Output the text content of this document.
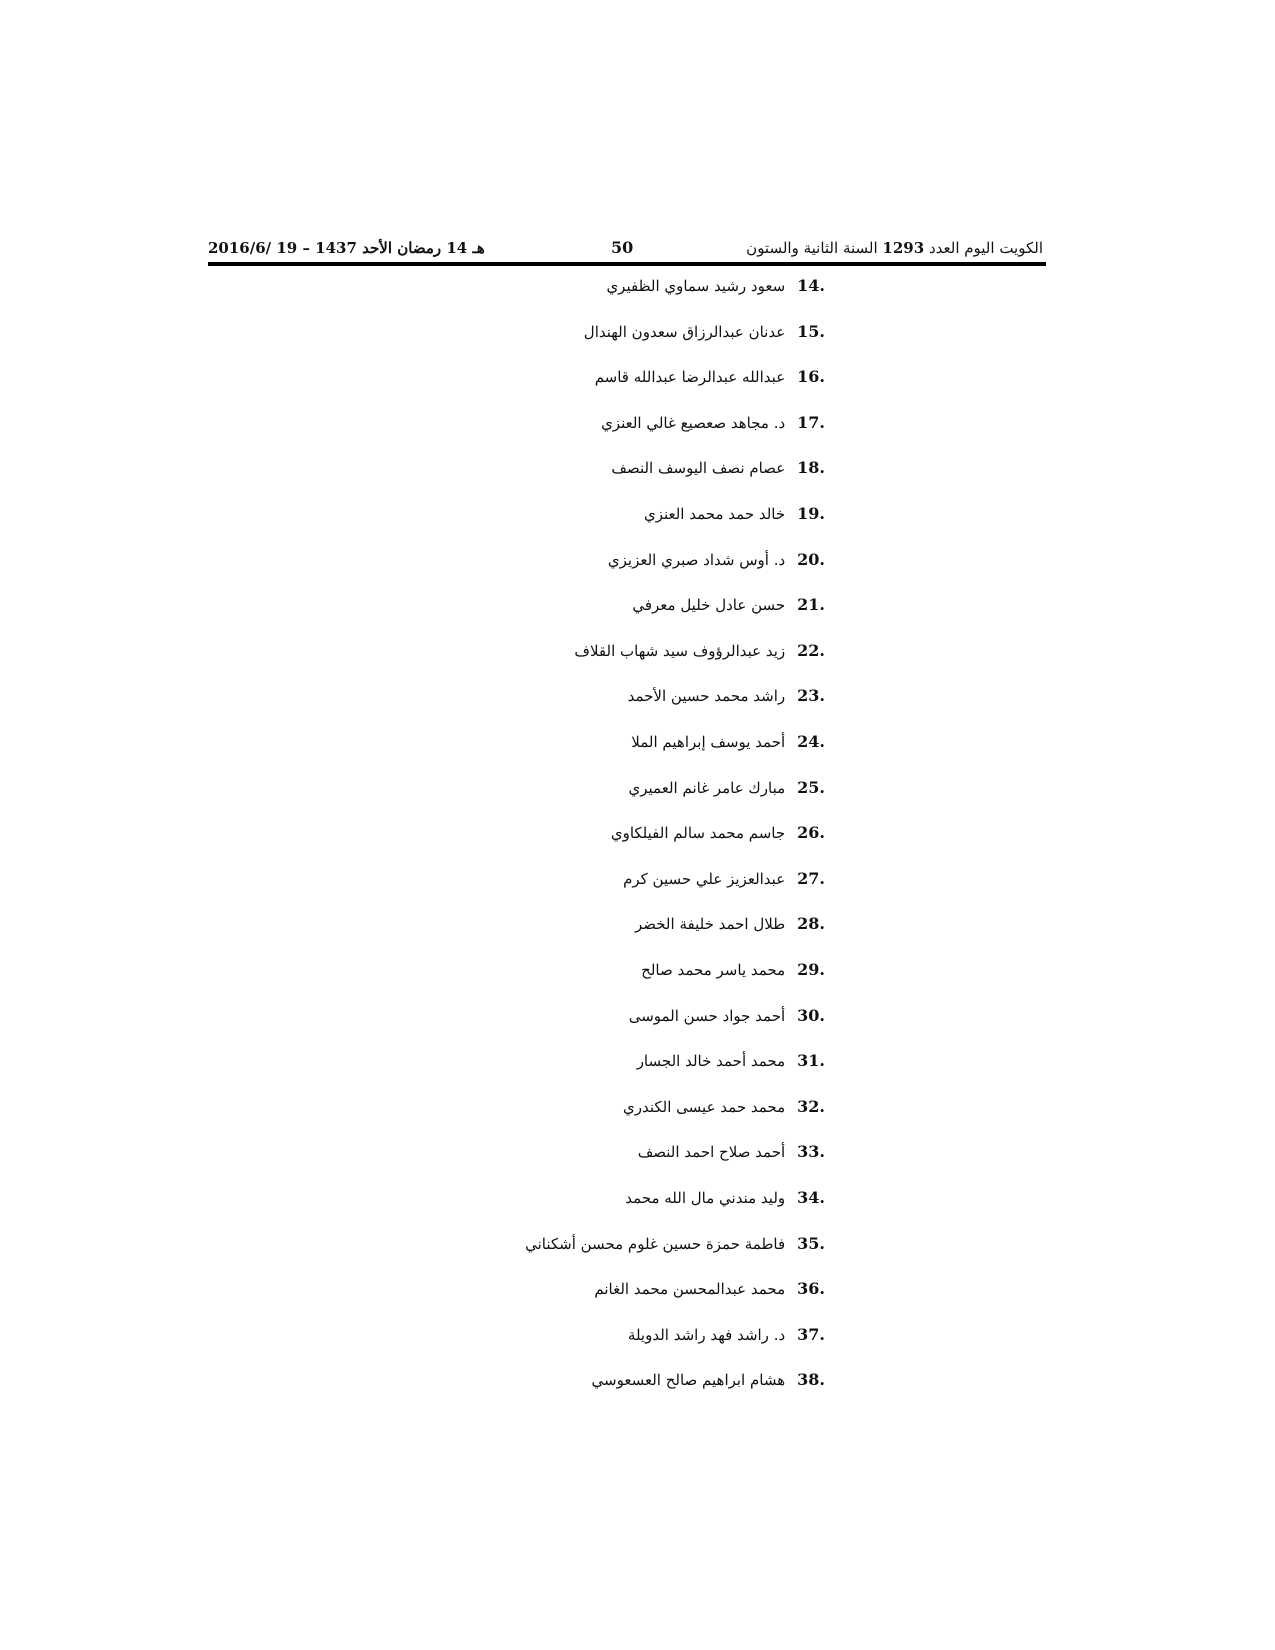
2016/6/ 19 – 1437 هـ 14 رمضان الأحد	50	الكويت اليوم العدد 1293 السنة الثانية والستون
14.سعود رشيد سماوي الظفيري
15.عدنان عبدالرزاق سعدون الهندال
16.عبدالله عبدالرضا عبدالله قاسم
17.د. مجاهد صعصيع غالي العنزي
18.عصام نصف اليوسف النصف
19.خالد حمد محمد العنزي
20.د. أوس شداد صبري العزيزي
21.حسن عادل خليل معرفي
22.زيد عبدالرؤوف سيد شهاب القلاف
23.راشد محمد حسين الأحمد
24.أحمد يوسف إبراهيم الملا
25.مبارك عامر غانم العميري
26.جاسم محمد سالم الفيلكاوي
27.عبدالعزيز علي حسين كرم
28.طلال احمد خليفة الخضر
29.محمد ياسر محمد صالح
30.أحمد جواد حسن الموسى
31.محمد أحمد خالد الجسار
32.محمد حمد عيسى الكندري
33.أحمد صلاح احمد النصف
34.وليد مندني مال الله محمد
35.فاطمة حمزة حسين غلوم محسن أشكناني
36.محمد عبدالمحسن محمد الغانم
37.د. راشد فهد راشد الدويلة
38.هشام ابراهيم صالح العسعوسي
